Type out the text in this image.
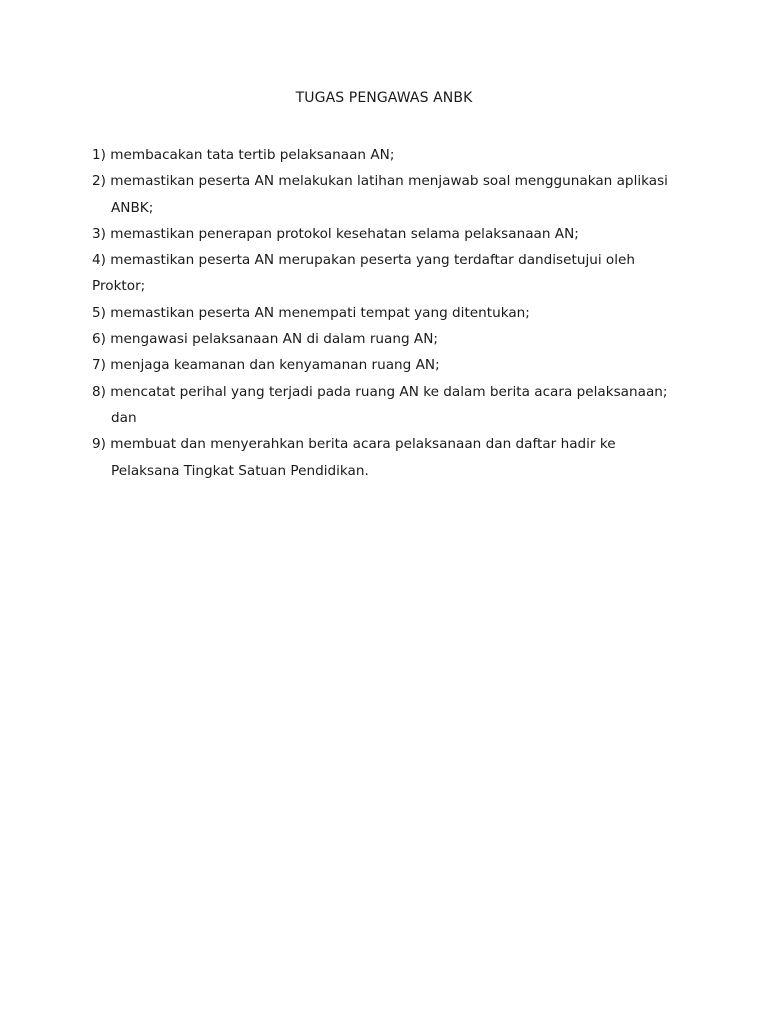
TUGAS PENGAWAS ANBK
1) membacakan tata tertib pelaksanaan AN;
2) memastikan peserta AN melakukan latihan menjawab soal menggunakan aplikasi
ANBK;
3) memastikan penerapan protokol kesehatan selama pelaksanaan AN;
4) memastikan peserta AN merupakan peserta yang terdaftar dandisetujui oleh
Proktor;
5) memastikan peserta AN menempati tempat yang ditentukan;
6) mengawasi pelaksanaan AN di dalam ruang AN;
7) menjaga keamanan dan kenyamanan ruang AN;
8) mencatat perihal yang terjadi pada ruang AN ke dalam berita acara pelaksanaan;
dan
9) membuat dan menyerahkan berita acara pelaksanaan dan daftar hadir ke
Pelaksana Tingkat Satuan Pendidikan.
